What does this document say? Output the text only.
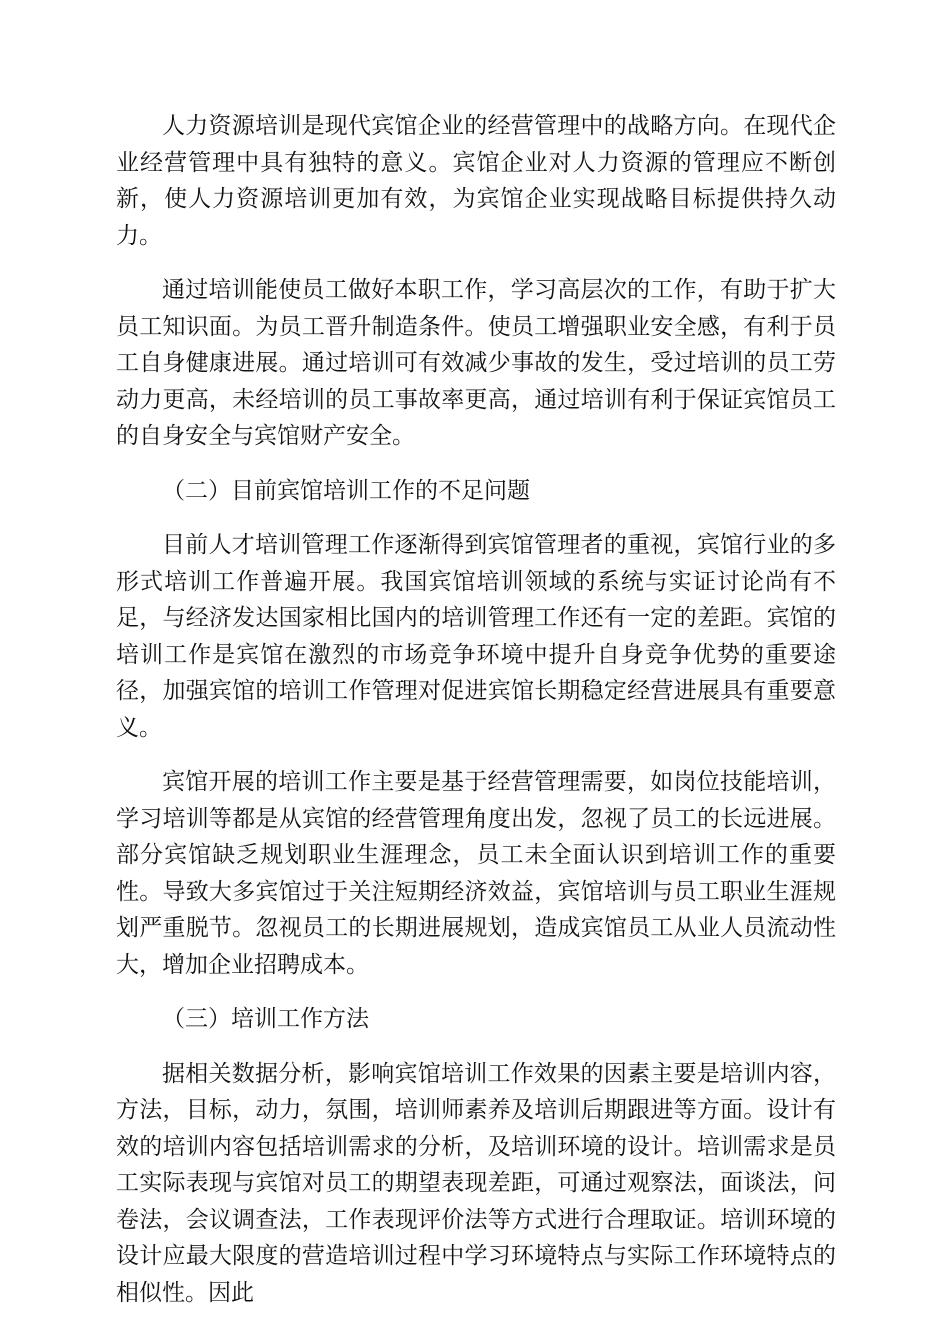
人力资源培训是现代宾馆企业的经营管理中的战略方向。在现代企业经营管理中具有独特的意义。宾馆企业对人力资源的管理应不断创新，使人力资源培训更加有效，为宾馆企业实现战略目标提供持久动力。

通过培训能使员工做好本职工作，学习高层次的工作，有助于扩大员工知识面。为员工晋升制造条件。使员工增强职业安全感，有利于员工自身健康进展。通过培训可有效减少事故的发生，受过培训的员工劳动力更高，未经培训的员工事故率更高，通过培训有利于保证宾馆员工的自身安全与宾馆财产安全。

（二）目前宾馆培训工作的不足问题

目前人才培训管理工作逐渐得到宾馆管理者的重视，宾馆行业的多形式培训工作普遍开展。我国宾馆培训领域的系统与实证讨论尚有不足，与经济发达国家相比国内的培训管理工作还有一定的差距。宾馆的培训工作是宾馆在激烈的市场竞争环境中提升自身竞争优势的重要途径，加强宾馆的培训工作管理对促进宾馆长期稳定经营进展具有重要意义。

宾馆开展的培训工作主要是基于经营管理需要，如岗位技能培训，学习培训等都是从宾馆的经营管理角度出发，忽视了员工的长远进展。部分宾馆缺乏规划职业生涯理念，员工未全面认识到培训工作的重要性。导致大多宾馆过于关注短期经济效益，宾馆培训与员工职业生涯规划严重脱节。忽视员工的长期进展规划，造成宾馆员工从业人员流动性大，增加企业招聘成本。

（三）培训工作方法

据相关数据分析，影响宾馆培训工作效果的因素主要是培训内容，方法，目标，动力，氛围，培训师素养及培训后期跟进等方面。设计有效的培训内容包括培训需求的分析，及培训环境的设计。培训需求是员工实际表现与宾馆对员工的期望表现差距，可通过观察法，面谈法，问卷法，会议调查法，工作表现评价法等方式进行合理取证。培训环境的设计应最大限度的营造培训过程中学习环境特点与实际工作环境特点的相似性。因此
